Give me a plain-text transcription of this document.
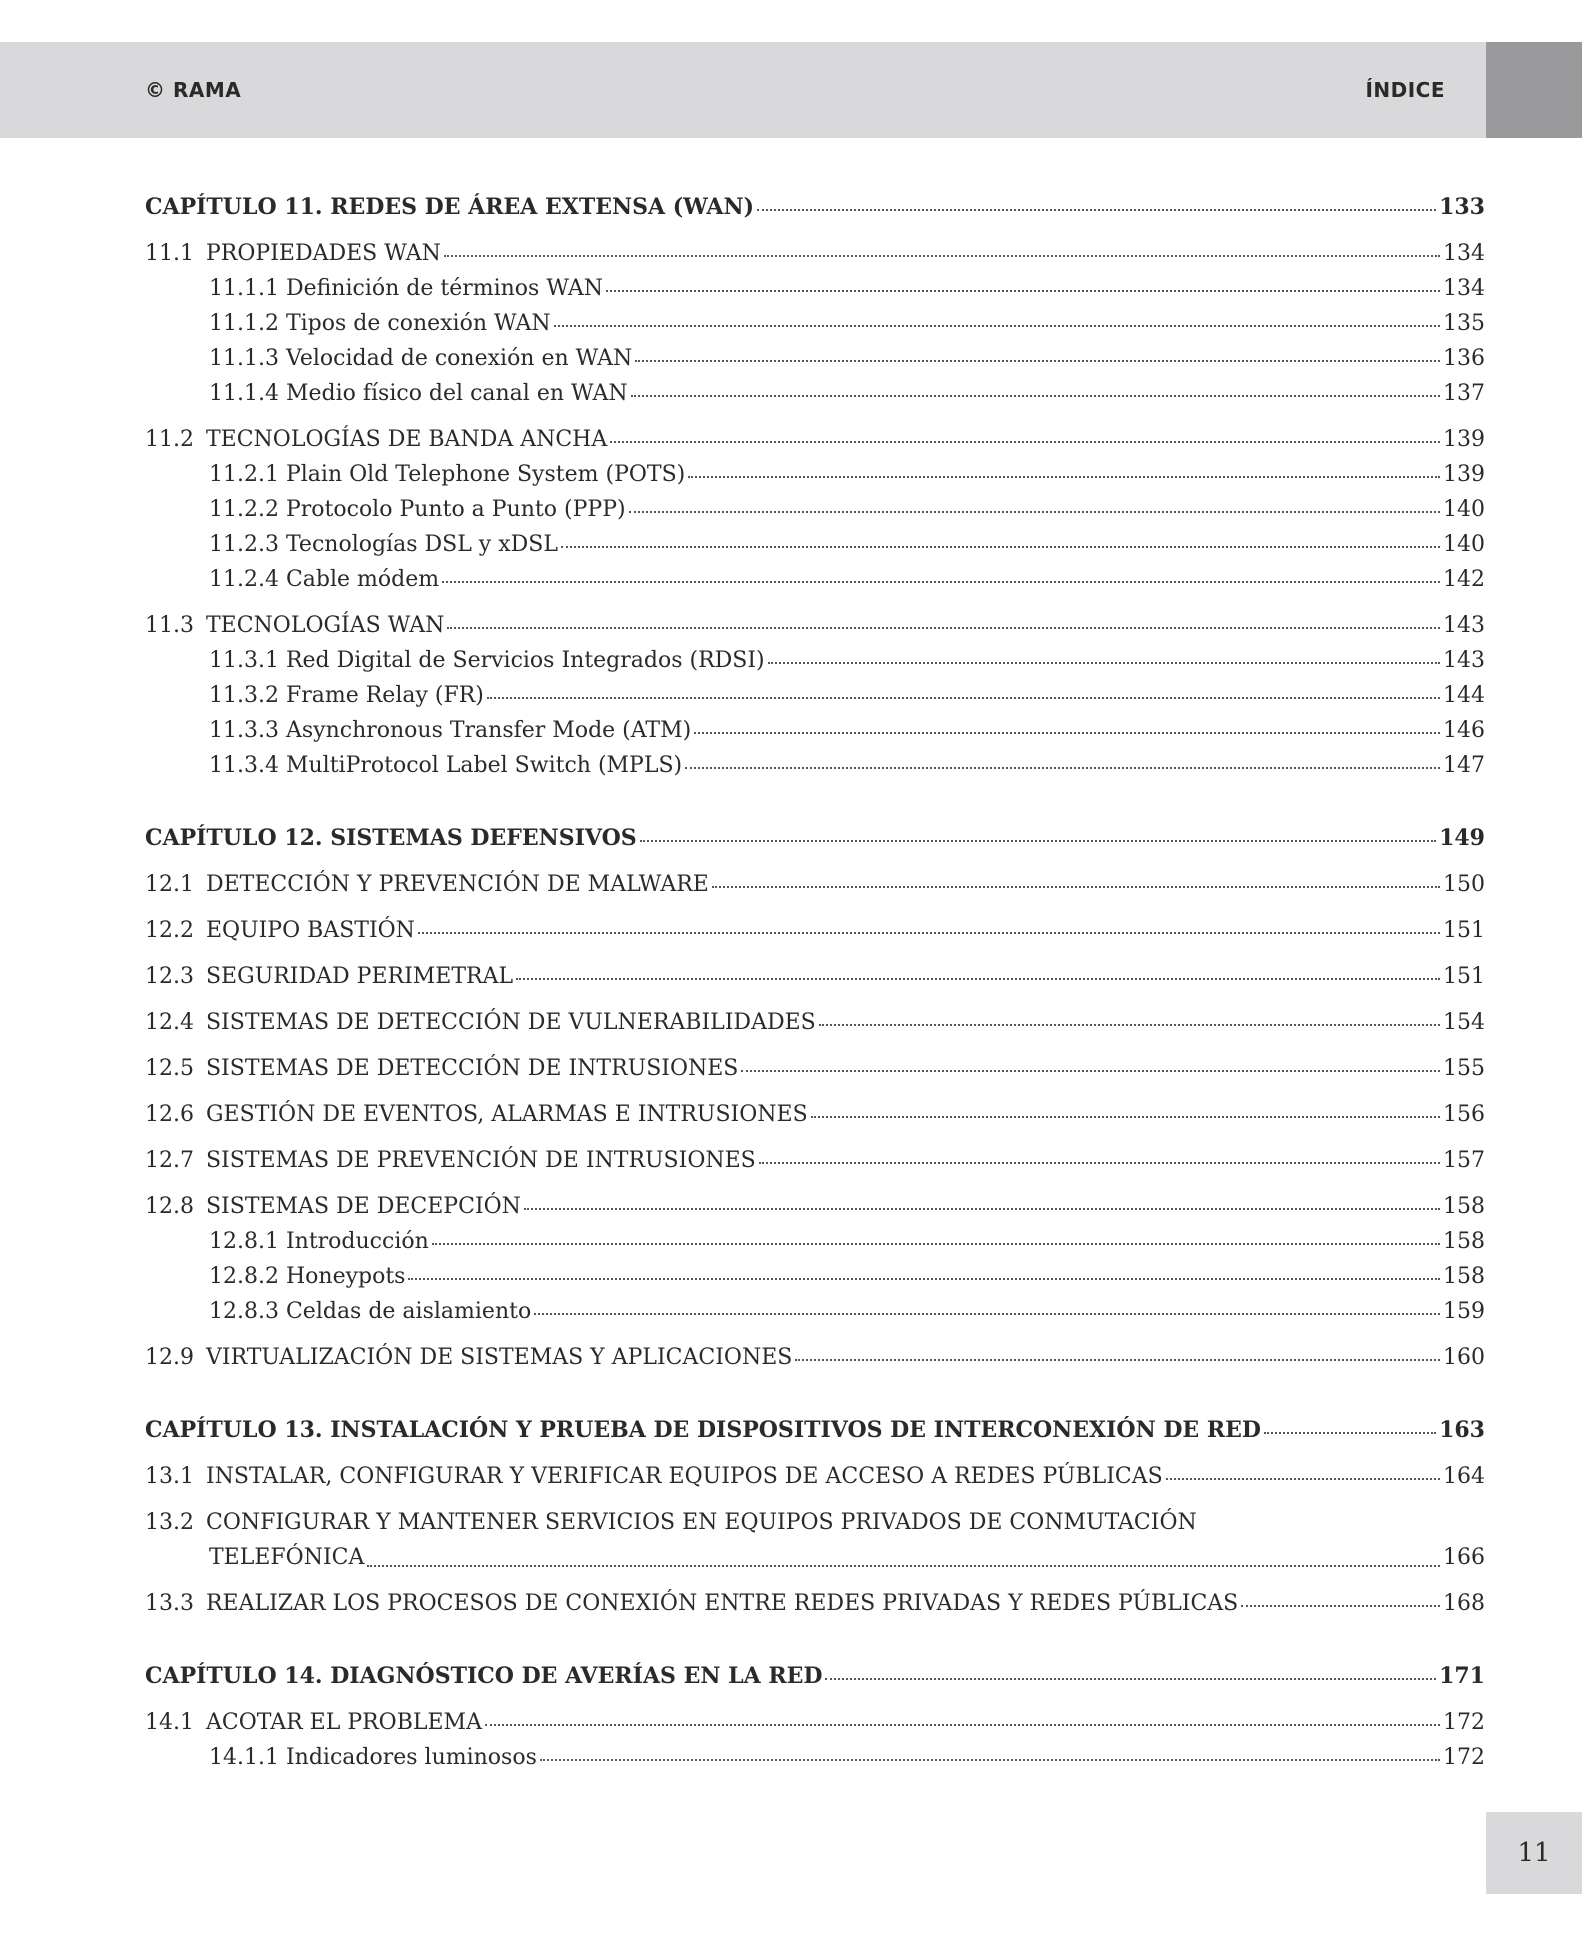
© RAMA	ÍNDICE
CAPÍTULO 11. REDES DE ÁREA EXTENSA (WAN)	133
11.1 PROPIEDADES WAN	134
11.1.1 Definición de términos WAN	134
11.1.2 Tipos de conexión WAN	135
11.1.3 Velocidad de conexión en WAN	136
11.1.4 Medio físico del canal en WAN	137
11.2 TECNOLOGÍAS DE BANDA ANCHA	139
11.2.1 Plain Old Telephone System (POTS)	139
11.2.2 Protocolo Punto a Punto (PPP)	140
11.2.3 Tecnologías DSL y xDSL	140
11.2.4 Cable módem	142
11.3 TECNOLOGÍAS WAN	143
11.3.1 Red Digital de Servicios Integrados (RDSI)	143
11.3.2 Frame Relay (FR)	144
11.3.3 Asynchronous Transfer Mode (ATM)	146
11.3.4 MultiProtocol Label Switch (MPLS)	147
CAPÍTULO 12. SISTEMAS DEFENSIVOS	149
12.1 DETECCIÓN Y PREVENCIÓN DE MALWARE	150
12.2 EQUIPO BASTIÓN	151
12.3 SEGURIDAD PERIMETRAL	151
12.4 SISTEMAS DE DETECCIÓN DE VULNERABILIDADES	154
12.5 SISTEMAS DE DETECCIÓN DE INTRUSIONES	155
12.6 GESTIÓN DE EVENTOS, ALARMAS E INTRUSIONES	156
12.7 SISTEMAS DE PREVENCIÓN DE INTRUSIONES	157
12.8 SISTEMAS DE DECEPCIÓN	158
12.8.1 Introducción	158
12.8.2 Honeypots	158
12.8.3 Celdas de aislamiento	159
12.9 VIRTUALIZACIÓN DE SISTEMAS Y APLICACIONES	160
CAPÍTULO 13. INSTALACIÓN Y PRUEBA DE DISPOSITIVOS DE INTERCONEXIÓN DE RED	163
13.1 INSTALAR, CONFIGURAR Y VERIFICAR EQUIPOS DE ACCESO A REDES PÚBLICAS	164
13.2 CONFIGURAR Y MANTENER SERVICIOS EN EQUIPOS PRIVADOS DE CONMUTACIÓN
TELEFÓNICA	166
13.3 REALIZAR LOS PROCESOS DE CONEXIÓN ENTRE REDES PRIVADAS Y REDES PÚBLICAS	168
CAPÍTULO 14. DIAGNÓSTICO DE AVERÍAS EN LA RED	171
14.1 ACOTAR EL PROBLEMA	172
14.1.1 Indicadores luminosos	172
11
